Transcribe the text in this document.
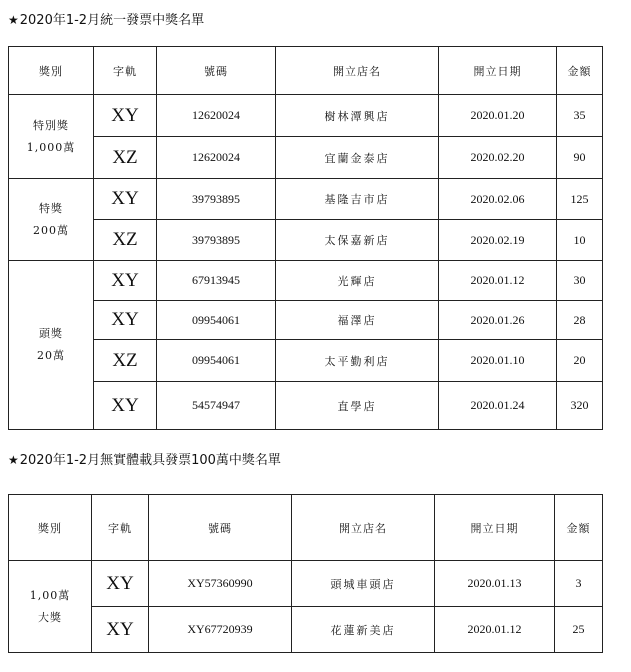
★2020年1-2月統一發票中獎名單
獎別	字軌	號碼	開立店名	開立日期	金額

特別獎
1,000萬	XY	12620024	樹林潭興店	2020.01.20	35
	XZ	12620024	宜蘭金泰店	2020.02.20	90

特獎
200萬	XY	39793895	基隆吉市店	2020.02.06	125
	XZ	39793895	太保嘉新店	2020.02.19	10

頭獎
20萬	XY	67913945	光輝店	2020.01.12	30
	XY	09954061	福澤店	2020.01.26	28
	XZ	09954061	太平勤利店	2020.01.10	20
	XY	54574947	直學店	2020.01.24	320
★2020年1-2月無實體載具發票100萬中獎名單
獎別	字軌	號碼	開立店名	開立日期	金額

1,00萬
大獎	XY	XY57360990	頭城車頭店	2020.01.13	3
	XY	XY67720939	花蓮新美店	2020.01.12	25
